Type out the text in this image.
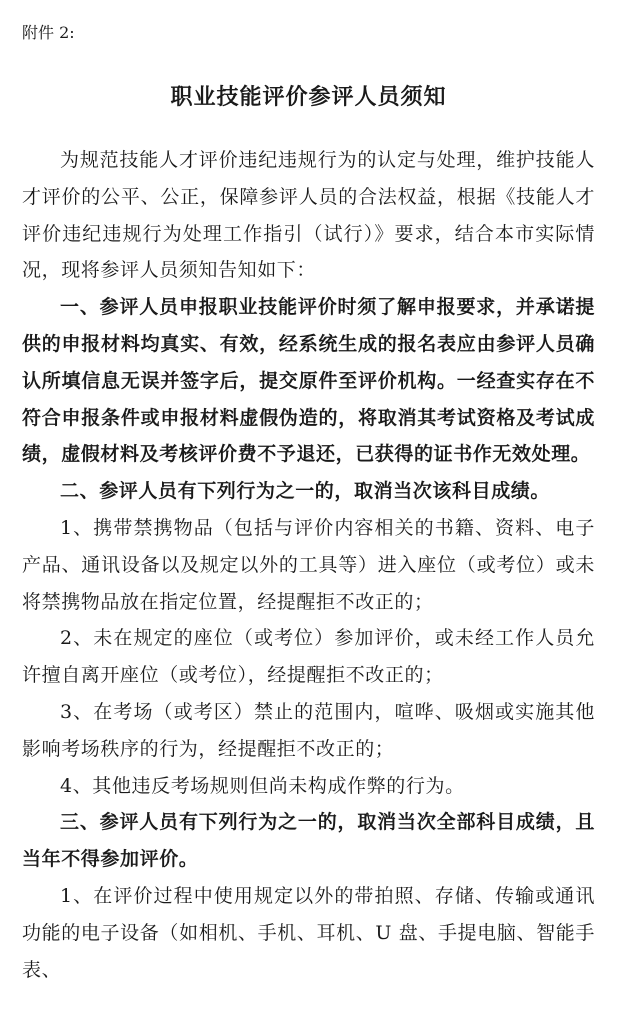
附件 2:

职业技能评价参评人员须知

为规范技能人才评价违纪违规行为的认定与处理，维护技能人才评价的公平、公正，保障参评人员的合法权益，根据《技能人才评价违纪违规行为处理工作指引（试行）》要求，结合本市实际情况，现将参评人员须知告知如下：

一、参评人员申报职业技能评价时须了解申报要求，并承诺提供的申报材料均真实、有效，经系统生成的报名表应由参评人员确认所填信息无误并签字后，提交原件至评价机构。一经查实存在不符合申报条件或申报材料虚假伪造的，将取消其考试资格及考试成绩，虚假材料及考核评价费不予退还，已获得的证书作无效处理。

二、参评人员有下列行为之一的，取消当次该科目成绩。

1、携带禁携物品（包括与评价内容相关的书籍、资料、电子产品、通讯设备以及规定以外的工具等）进入座位（或考位）或未将禁携物品放在指定位置，经提醒拒不改正的；

2、未在规定的座位（或考位）参加评价，或未经工作人员允许擅自离开座位（或考位），经提醒拒不改正的；

3、在考场（或考区）禁止的范围内，喧哗、吸烟或实施其他影响考场秩序的行为，经提醒拒不改正的；

4、其他违反考场规则但尚未构成作弊的行为。

三、参评人员有下列行为之一的，取消当次全部科目成绩，且当年不得参加评价。

1、在评价过程中使用规定以外的带拍照、存储、传输或通讯功能的电子设备（如相机、手机、耳机、U 盘、手提电脑、智能手表、
